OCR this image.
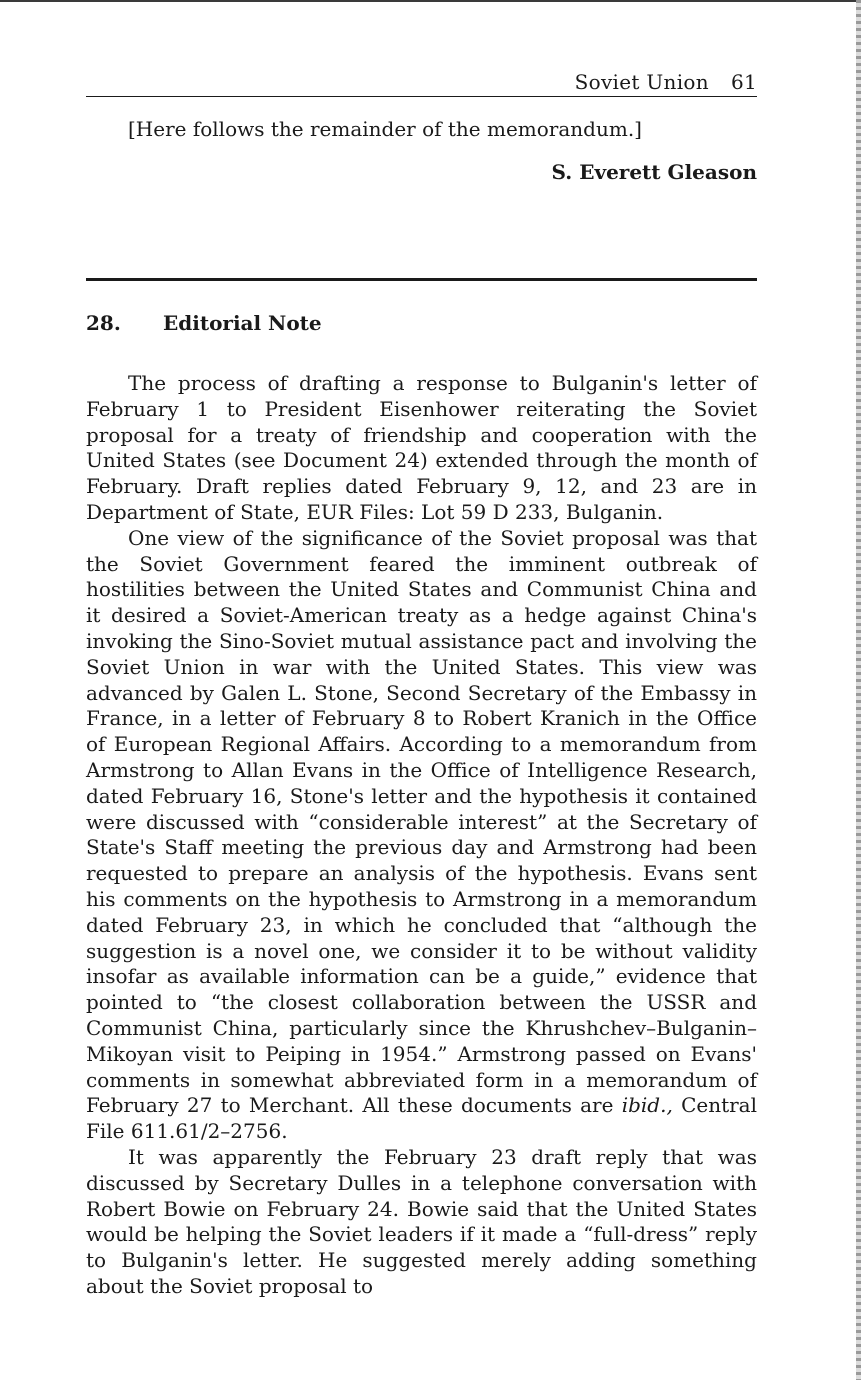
Soviet Union 61
[Here follows the remainder of the memorandum.]
S. Everett Gleason
28.	Editorial Note

The process of drafting a response to Bulganin's letter of February 1 to President Eisenhower reiterating the Soviet proposal for a treaty of friendship and cooperation with the United States (see Document 24) extended through the month of February. Draft replies dated February 9, 12, and 23 are in Department of State, EUR Files: Lot 59 D 233, Bulganin.

One view of the significance of the Soviet proposal was that the Soviet Government feared the imminent outbreak of hostilities between the United States and Communist China and it desired a Soviet-American treaty as a hedge against China's invoking the Sino-Soviet mutual assistance pact and involving the Soviet Union in war with the United States. This view was advanced by Galen L. Stone, Second Secretary of the Embassy in France, in a letter of February 8 to Robert Kranich in the Office of European Regional Affairs. According to a memorandum from Armstrong to Allan Evans in the Office of Intelligence Research, dated February 16, Stone's letter and the hypothesis it contained were discussed with “considerable interest” at the Secretary of State's Staff meeting the previous day and Armstrong had been requested to prepare an analysis of the hypothesis. Evans sent his comments on the hypothesis to Armstrong in a memorandum dated February 23, in which he concluded that “although the suggestion is a novel one, we consider it to be without validity insofar as available information can be a guide,” evidence that pointed to “the closest collaboration between the USSR and Communist China, particularly since the Khrushchev–Bulganin–Mikoyan visit to Peiping in 1954.” Armstrong passed on Evans' comments in somewhat abbreviated form in a memorandum of February 27 to Merchant. All these documents are ibid., Central File 611.61/2–2756.

It was apparently the February 23 draft reply that was discussed by Secretary Dulles in a telephone conversation with Robert Bowie on February 24. Bowie said that the United States would be helping the Soviet leaders if it made a “full-dress” reply to Bulganin's letter. He suggested merely adding something about the Soviet proposal to
